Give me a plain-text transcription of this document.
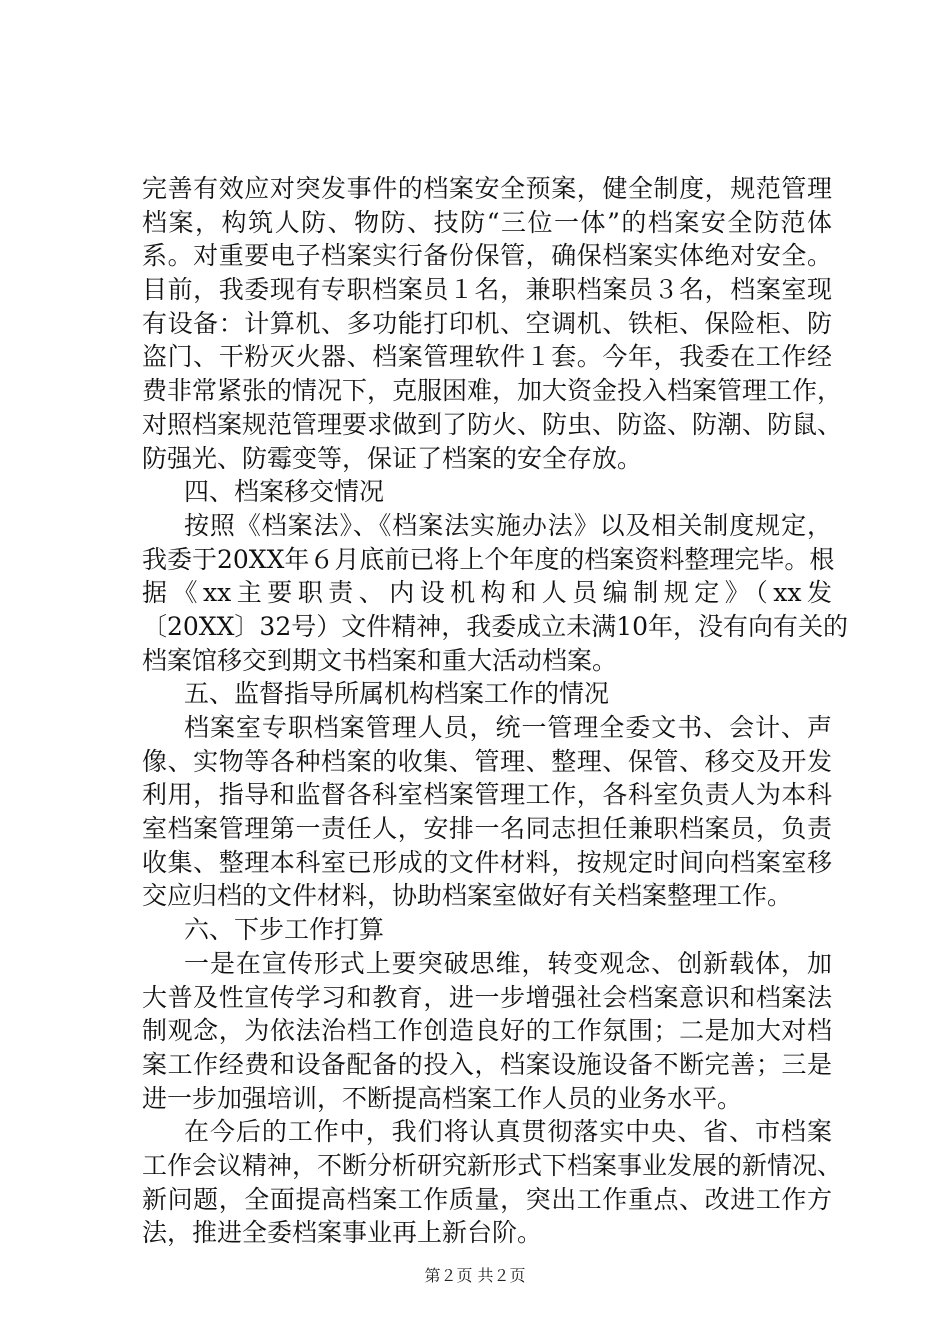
完善有效应对突发事件的档案安全预案，健全制度，规范管理
档案，构筑人防、物防、技防“三位一体”的档案安全防范体
系。对重要电子档案实行备份保管，确保档案实体绝对安全。
目前，我委现有专职档案员１名，兼职档案员３名，档案室现
有设备：计算机、多功能打印机、空调机、铁柜、保险柜、防
盗门、干粉灭火器、档案管理软件１套。今年，我委在工作经
费非常紧张的情况下，克服困难，加大资金投入档案管理工作，
对照档案规范管理要求做到了防火、防虫、防盗、防潮、防鼠、
防强光、防霉变等，保证了档案的安全存放。
四、档案移交情况
按照《档案法》、《档案法实施办法》以及相关制度规定，
我委于20XX年６月底前已将上个年度的档案资料整理完毕。根
据《xx主要职责、内设机构和人员编制规定》（xx发
〔20XX〕32号）文件精神，我委成立未满10年，没有向有关的
档案馆移交到期文书档案和重大活动档案。
五、监督指导所属机构档案工作的情况
档案室专职档案管理人员，统一管理全委文书、会计、声
像、实物等各种档案的收集、管理、整理、保管、移交及开发
利用，指导和监督各科室档案管理工作，各科室负责人为本科
室档案管理第一责任人，安排一名同志担任兼职档案员，负责
收集、整理本科室已形成的文件材料，按规定时间向档案室移
交应归档的文件材料，协助档案室做好有关档案整理工作。
六、下步工作打算
一是在宣传形式上要突破思维，转变观念、创新载体，加
大普及性宣传学习和教育，进一步增强社会档案意识和档案法
制观念，为依法治档工作创造良好的工作氛围；二是加大对档
案工作经费和设备配备的投入，档案设施设备不断完善；三是
进一步加强培训，不断提高档案工作人员的业务水平。
在今后的工作中，我们将认真贯彻落实中央、省、市档案
工作会议精神，不断分析研究新形式下档案事业发展的新情况、
新问题，全面提高档案工作质量，突出工作重点、改进工作方
法，推进全委档案事业再上新台阶。
第２页 共２页
